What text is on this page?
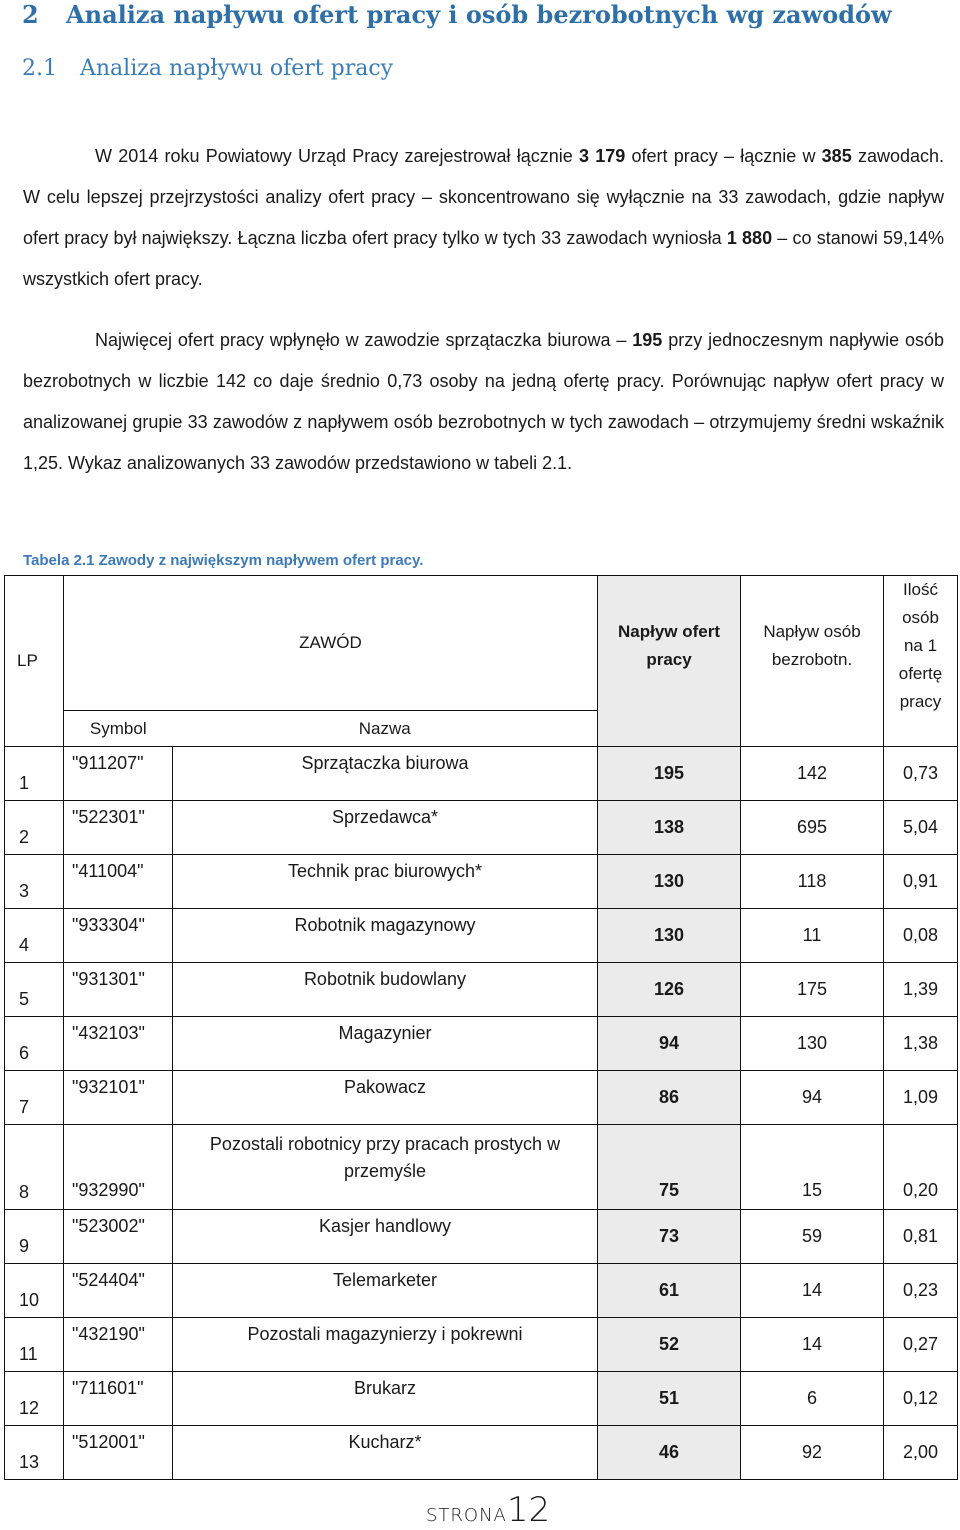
2 Analiza napływu ofert pracy i osób bezrobotnych wg zawodów
2.1 Analiza napływu ofert pracy
W 2014 roku Powiatowy Urząd Pracy zarejestrował łącznie 3 179 ofert pracy – łącznie w 385 zawodach. W celu lepszej przejrzystości analizy ofert pracy – skoncentrowano się wyłącznie na 33 zawodach, gdzie napływ ofert pracy był największy. Łączna liczba ofert pracy tylko w tych 33 zawodach wyniosła 1 880 – co stanowi 59,14% wszystkich ofert pracy.
Najwięcej ofert pracy wpłynęło w zawodzie sprzątaczka biurowa – 195 przy jednoczesnym napływie osób bezrobotnych w liczbie 142 co daje średnio 0,73 osoby na jedną ofertę pracy. Porównując napływ ofert pracy w analizowanej grupie 33 zawodów z napływem osób bezrobotnych w tych zawodach – otrzymujemy średni wskaźnik 1,25. Wykaz analizowanych 33 zawodów przedstawiono w tabeli 2.1.
Tabela 2.1 Zawody z największym napływem ofert pracy.
LP	ZAWÓD		Napływ ofert pracy	Napływ osób bezrobotn.	Ilość osób na 1 ofertę pracy
	Symbol	Nazwa			
1	"911207"	Sprzątaczka biurowa	195	142	0,73
2	"522301"	Sprzedawca*	138	695	5,04
3	"411004"	Technik prac biurowych*	130	118	0,91
4	"933304"	Robotnik magazynowy	130	11	0,08
5	"931301"	Robotnik budowlany	126	175	1,39
6	"432103"	Magazynier	94	130	1,38
7	"932101"	Pakowacz	86	94	1,09
8	"932990"	Pozostali robotnicy przy pracach prostych w przemyśle	75	15	0,20
9	"523002"	Kasjer handlowy	73	59	0,81
10	"524404"	Telemarketer	61	14	0,23
11	"432190"	Pozostali magazynierzy i pokrewni	52	14	0,27
12	"711601"	Brukarz	51	6	0,12
13	"512001"	Kucharz*	46	92	2,00
STRONA12
